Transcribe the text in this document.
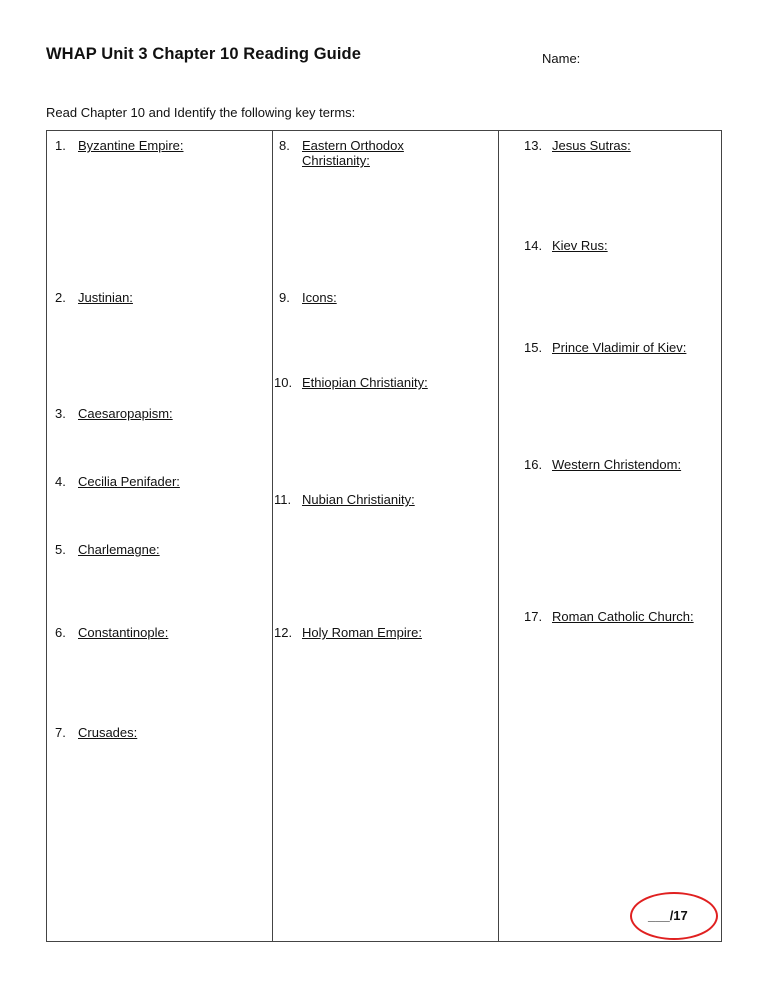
WHAP Unit 3 Chapter 10 Reading Guide	Name:
Read Chapter 10 and Identify the following key terms:
1. Byzantine Empire:
2. Justinian:
3. Caesaropapism:
4. Cecilia Penifader:
5. Charlemagne:
6. Constantinople:
7. Crusades:
8. Eastern Orthodox Christianity:
9. Icons:
10. Ethiopian Christianity:
11. Nubian Christianity:
12. Holy Roman Empire:
13. Jesus Sutras:
14. Kiev Rus:
15. Prince Vladimir of Kiev:
16. Western Christendom:
17. Roman Catholic Church:
___/17
